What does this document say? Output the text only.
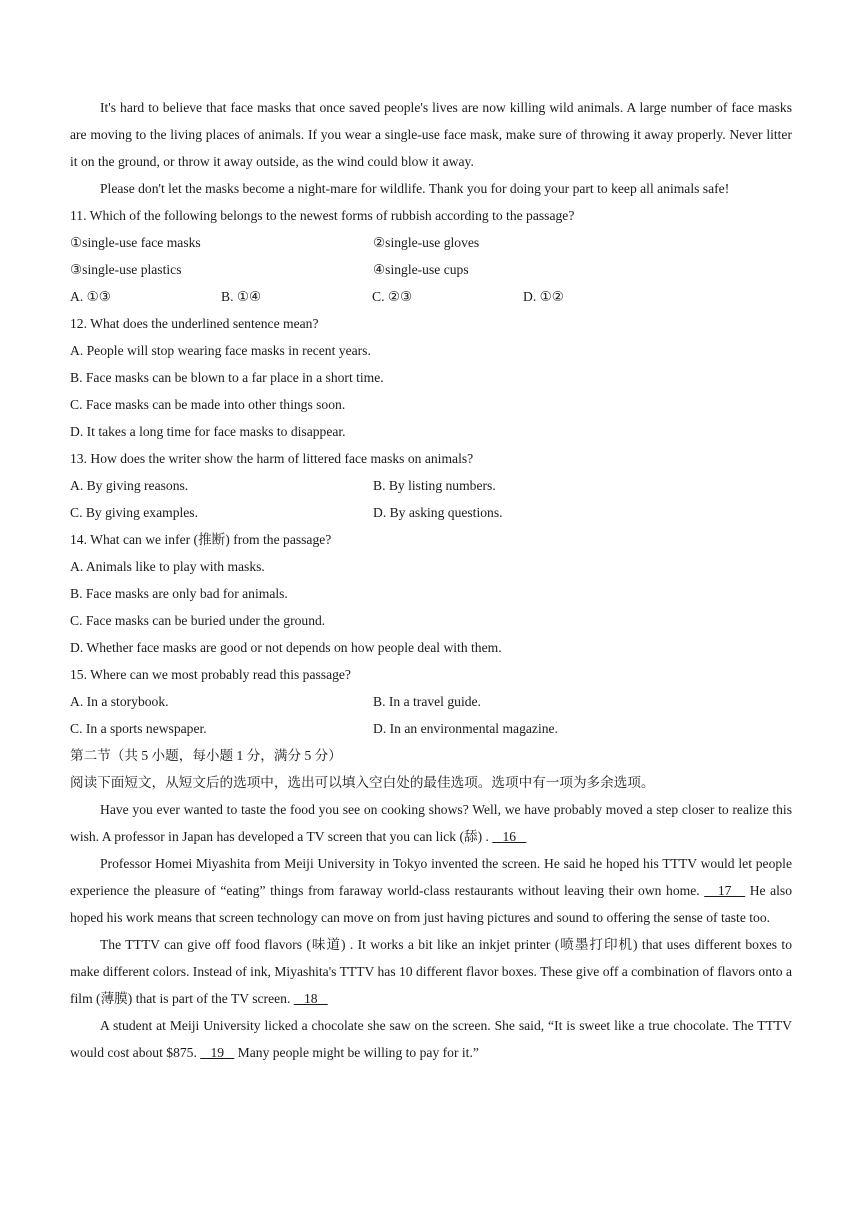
It's hard to believe that face masks that once saved people's lives are now killing wild animals. A large number of face masks are moving to the living places of animals. If you wear a single-use face mask, make sure of throwing it away properly. Never litter it on the ground, or throw it away outside, as the wind could blow it away.

Please don't let the masks become a night-mare for wildlife. Thank you for doing your part to keep all animals safe!

11. Which of the following belongs to the newest forms of rubbish according to the passage?

①single-use face masks	②single-use gloves
③single-use plastics	④single-use cups
A. ①③	B. ①④	C. ②③	D. ①②

12. What does the underlined sentence mean?

A. People will stop wearing face masks in recent years.

B. Face masks can be blown to a far place in a short time.

C. Face masks can be made into other things soon.

D. It takes a long time for face masks to disappear.

13. How does the writer show the harm of littered face masks on animals?

A. By giving reasons.	B. By listing numbers.
C. By giving examples.	D. By asking questions.

14. What can we infer (推断) from the passage?

A. Animals like to play with masks.

B. Face masks are only bad for animals.

C. Face masks can be buried under the ground.

D. Whether face masks are good or not depends on how people deal with them.

15. Where can we most probably read this passage?

A. In a storybook.	B. In a travel guide.
C. In a sports newspaper.	D. In an environmental magazine.

第二节（共 5 小题，每小题 1 分，满分 5 分）

阅读下面短文，从短文后的选项中，选出可以填入空白处的最佳选项。选项中有一项为多余选项。

Have you ever wanted to taste the food you see on cooking shows? Well, we have probably moved a step closer to realize this wish. A professor in Japan has developed a TV screen that you can lick (舔) .    16

Professor Homei Miyashita from Meiji University in Tokyo invented the screen. He said he hoped his TTTV would let people experience the pleasure of “eating” things from faraway world-class restaurants without leaving their own home.    17    He also hoped his work means that screen technology can move on from just having pictures and sound to offering the sense of taste too.

The TTTV can give off food flavors (味道) . It works a bit like an inkjet printer (喷墨打印机) that uses different boxes to make different colors. Instead of ink, Miyashita's TTTV has 10 different flavor boxes. These give off a combination of flavors onto a film (薄膜) that is part of the TV screen.    18

A student at Meiji University licked a chocolate she saw on the screen. She said, “It is sweet like a true chocolate. The TTTV would cost about $875.    19    Many people might be willing to pay for it.”
